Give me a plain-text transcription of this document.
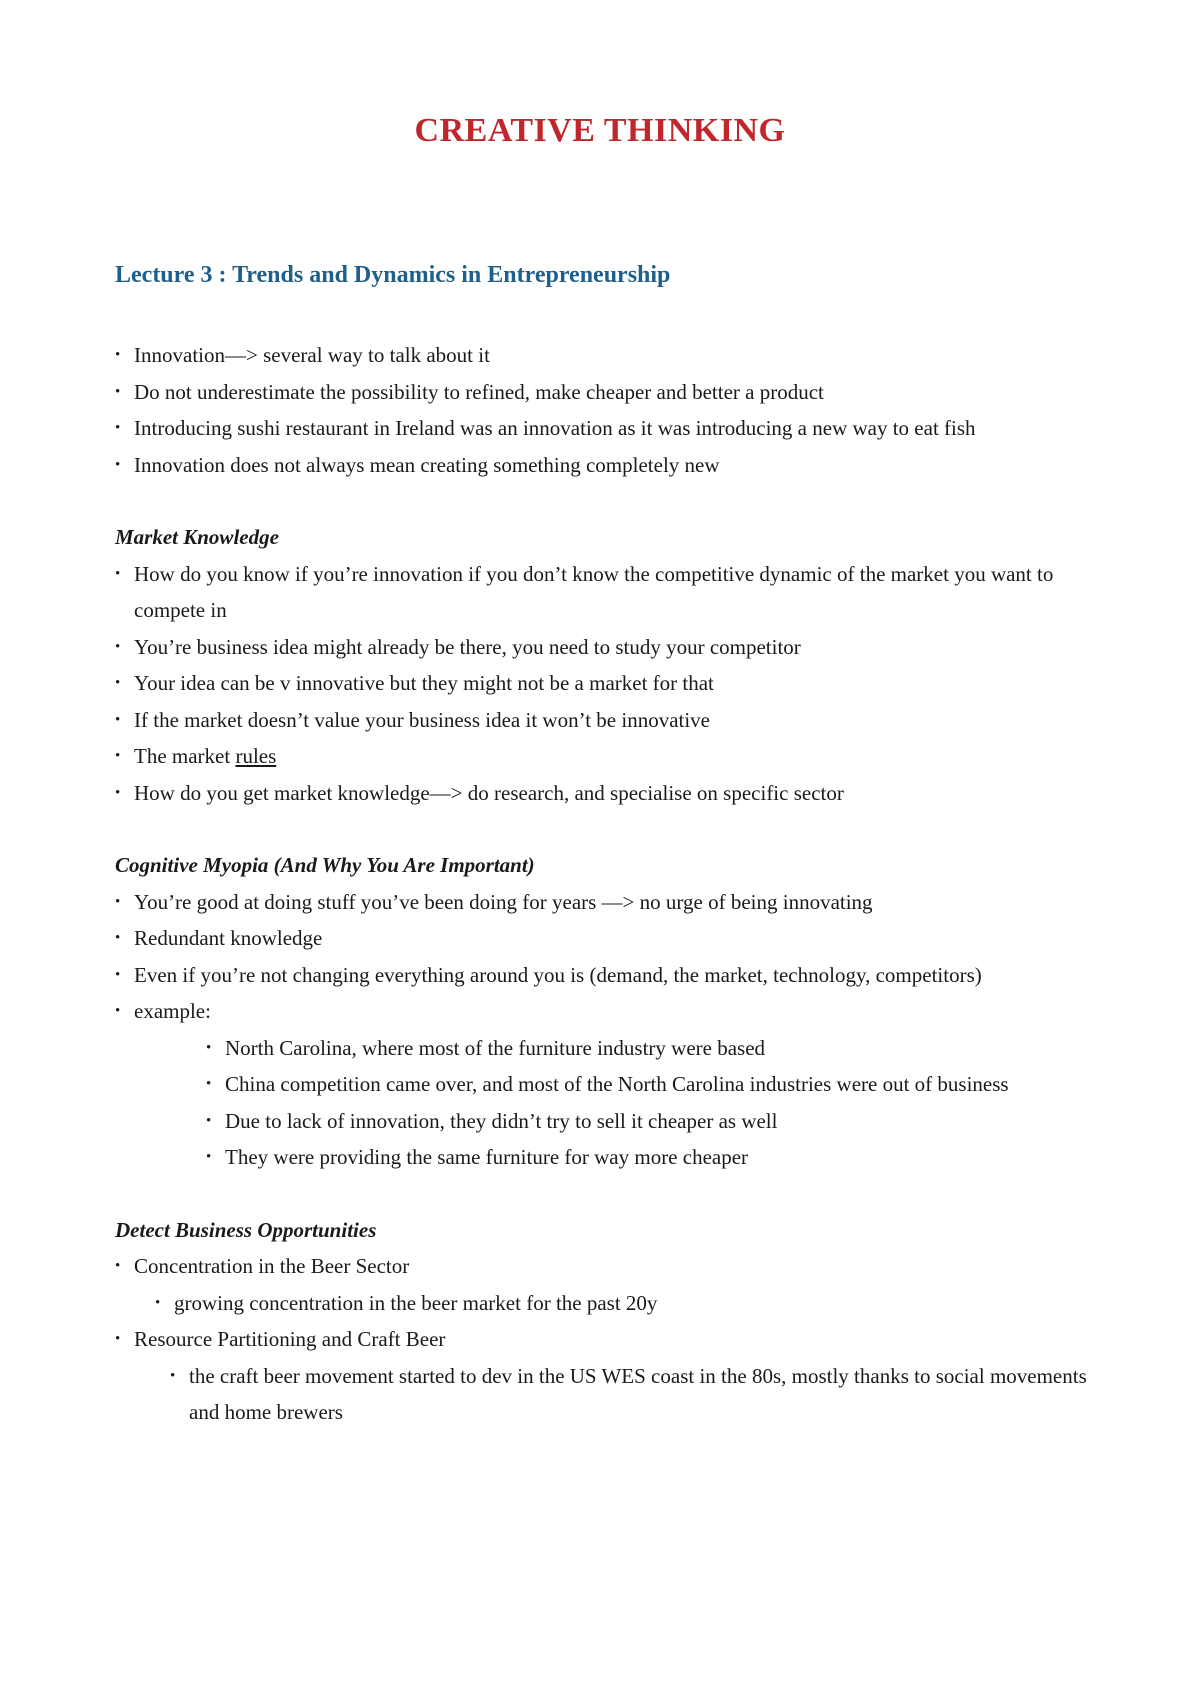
CREATIVE THINKING
Lecture 3 : Trends and Dynamics in Entrepreneurship
• Innovation—> several way to talk about it
• Do not underestimate the possibility to refined, make cheaper and better a product
• Introducing sushi restaurant in Ireland was an innovation as it was introducing a new way to eat fish
• Innovation does not always mean creating something completely new

Market Knowledge

• How do you know if you’re innovation if you don’t know the competitive dynamic of the market you want to compete in
• You’re business idea might already be there, you need to study your competitor
• Your idea can be v innovative but they might not be a market for that
• If the market doesn’t value your business idea it won’t be innovative
• The market rules
• How do you get market knowledge—> do research, and specialise on specific sector

Cognitive Myopia (And Why You Are Important)

• You’re good at doing stuff you’ve been doing for years —> no urge of being innovating
• Redundant knowledge
• Even if you’re not changing everything around you is (demand, the market, technology, competitors)
• example:
• North Carolina, where most of the furniture industry were based
• China competition came over, and most of the North Carolina industries were out of business
• Due to lack of innovation, they didn’t try to sell it cheaper as well
• They were providing the same furniture for way more cheaper

Detect Business Opportunities

• Concentration in the Beer Sector
• growing concentration in the beer market for the past 20y
• Resource Partitioning and Craft Beer
• the craft beer movement started to dev in the US WES coast in the 80s, mostly thanks to social movements and home brewers
